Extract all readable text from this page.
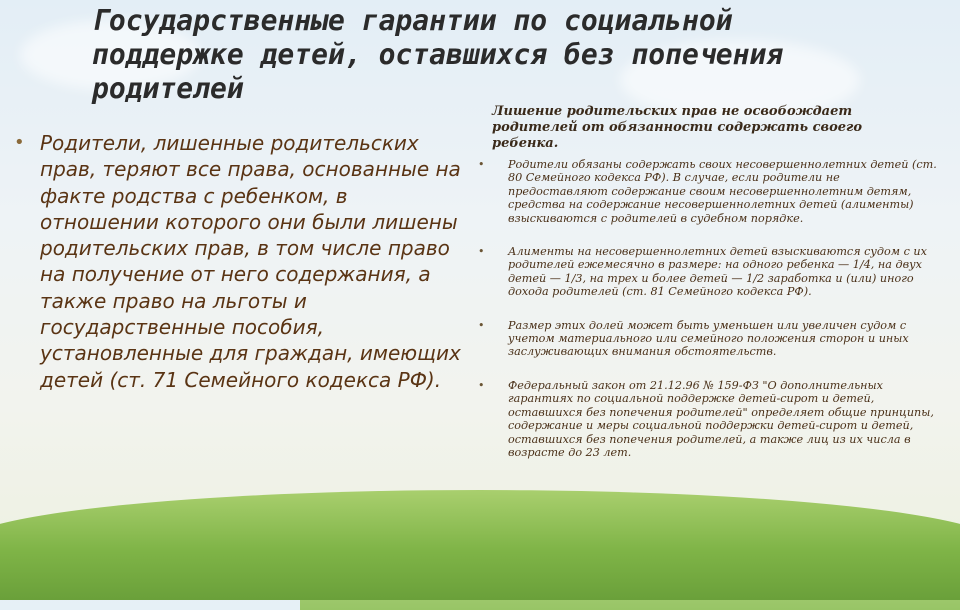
Государственные гарантии по социальной поддержке детей, оставшихся без попечения родителей
• Родители, лишенные родительских прав, теряют все права, основанные на факте родства с ребенком, в отношении которого они были лишены родительских прав, в том числе право на получение от него содержания, а также право на льготы и государственные пособия, установленные для граждан, имеющих детей (ст. 71 Семейного кодекса РФ).

Лишение родительских прав не освобождает родителей от обязанности содержать своего ребенка.

• Родители обязаны содержать своих несовершеннолетних детей (ст. 80 Семейного кодекса РФ). В случае, если родители не предоставляют содержание своим несовершеннолетним детям, средства на содержание несовершеннолетних детей (алименты) взыскиваются с родителей в судебном порядке.
• Алименты на несовершеннолетних детей взыскиваются судом с их родителей ежемесячно в размере: на одного ребенка — 1/4, на двух детей — 1/3, на трех и более детей — 1/2 заработка и (или) иного дохода родителей (ст. 81 Семейного кодекса РФ).
• Размер этих долей может быть уменьшен или увеличен судом с учетом материального или семейного положения сторон и иных заслуживающих внимания обстоятельств.
• Федеральный закон от 21.12.96 № 159-ФЗ "О дополнительных гарантиях по социальной поддержке детей-сирот и детей, оставшихся без попечения родителей" определяет общие принципы, содержание и меры социальной поддержки детей-сирот и детей, оставшихся без попечения родителей, а также лиц из их числа в возрасте до 23 лет.
